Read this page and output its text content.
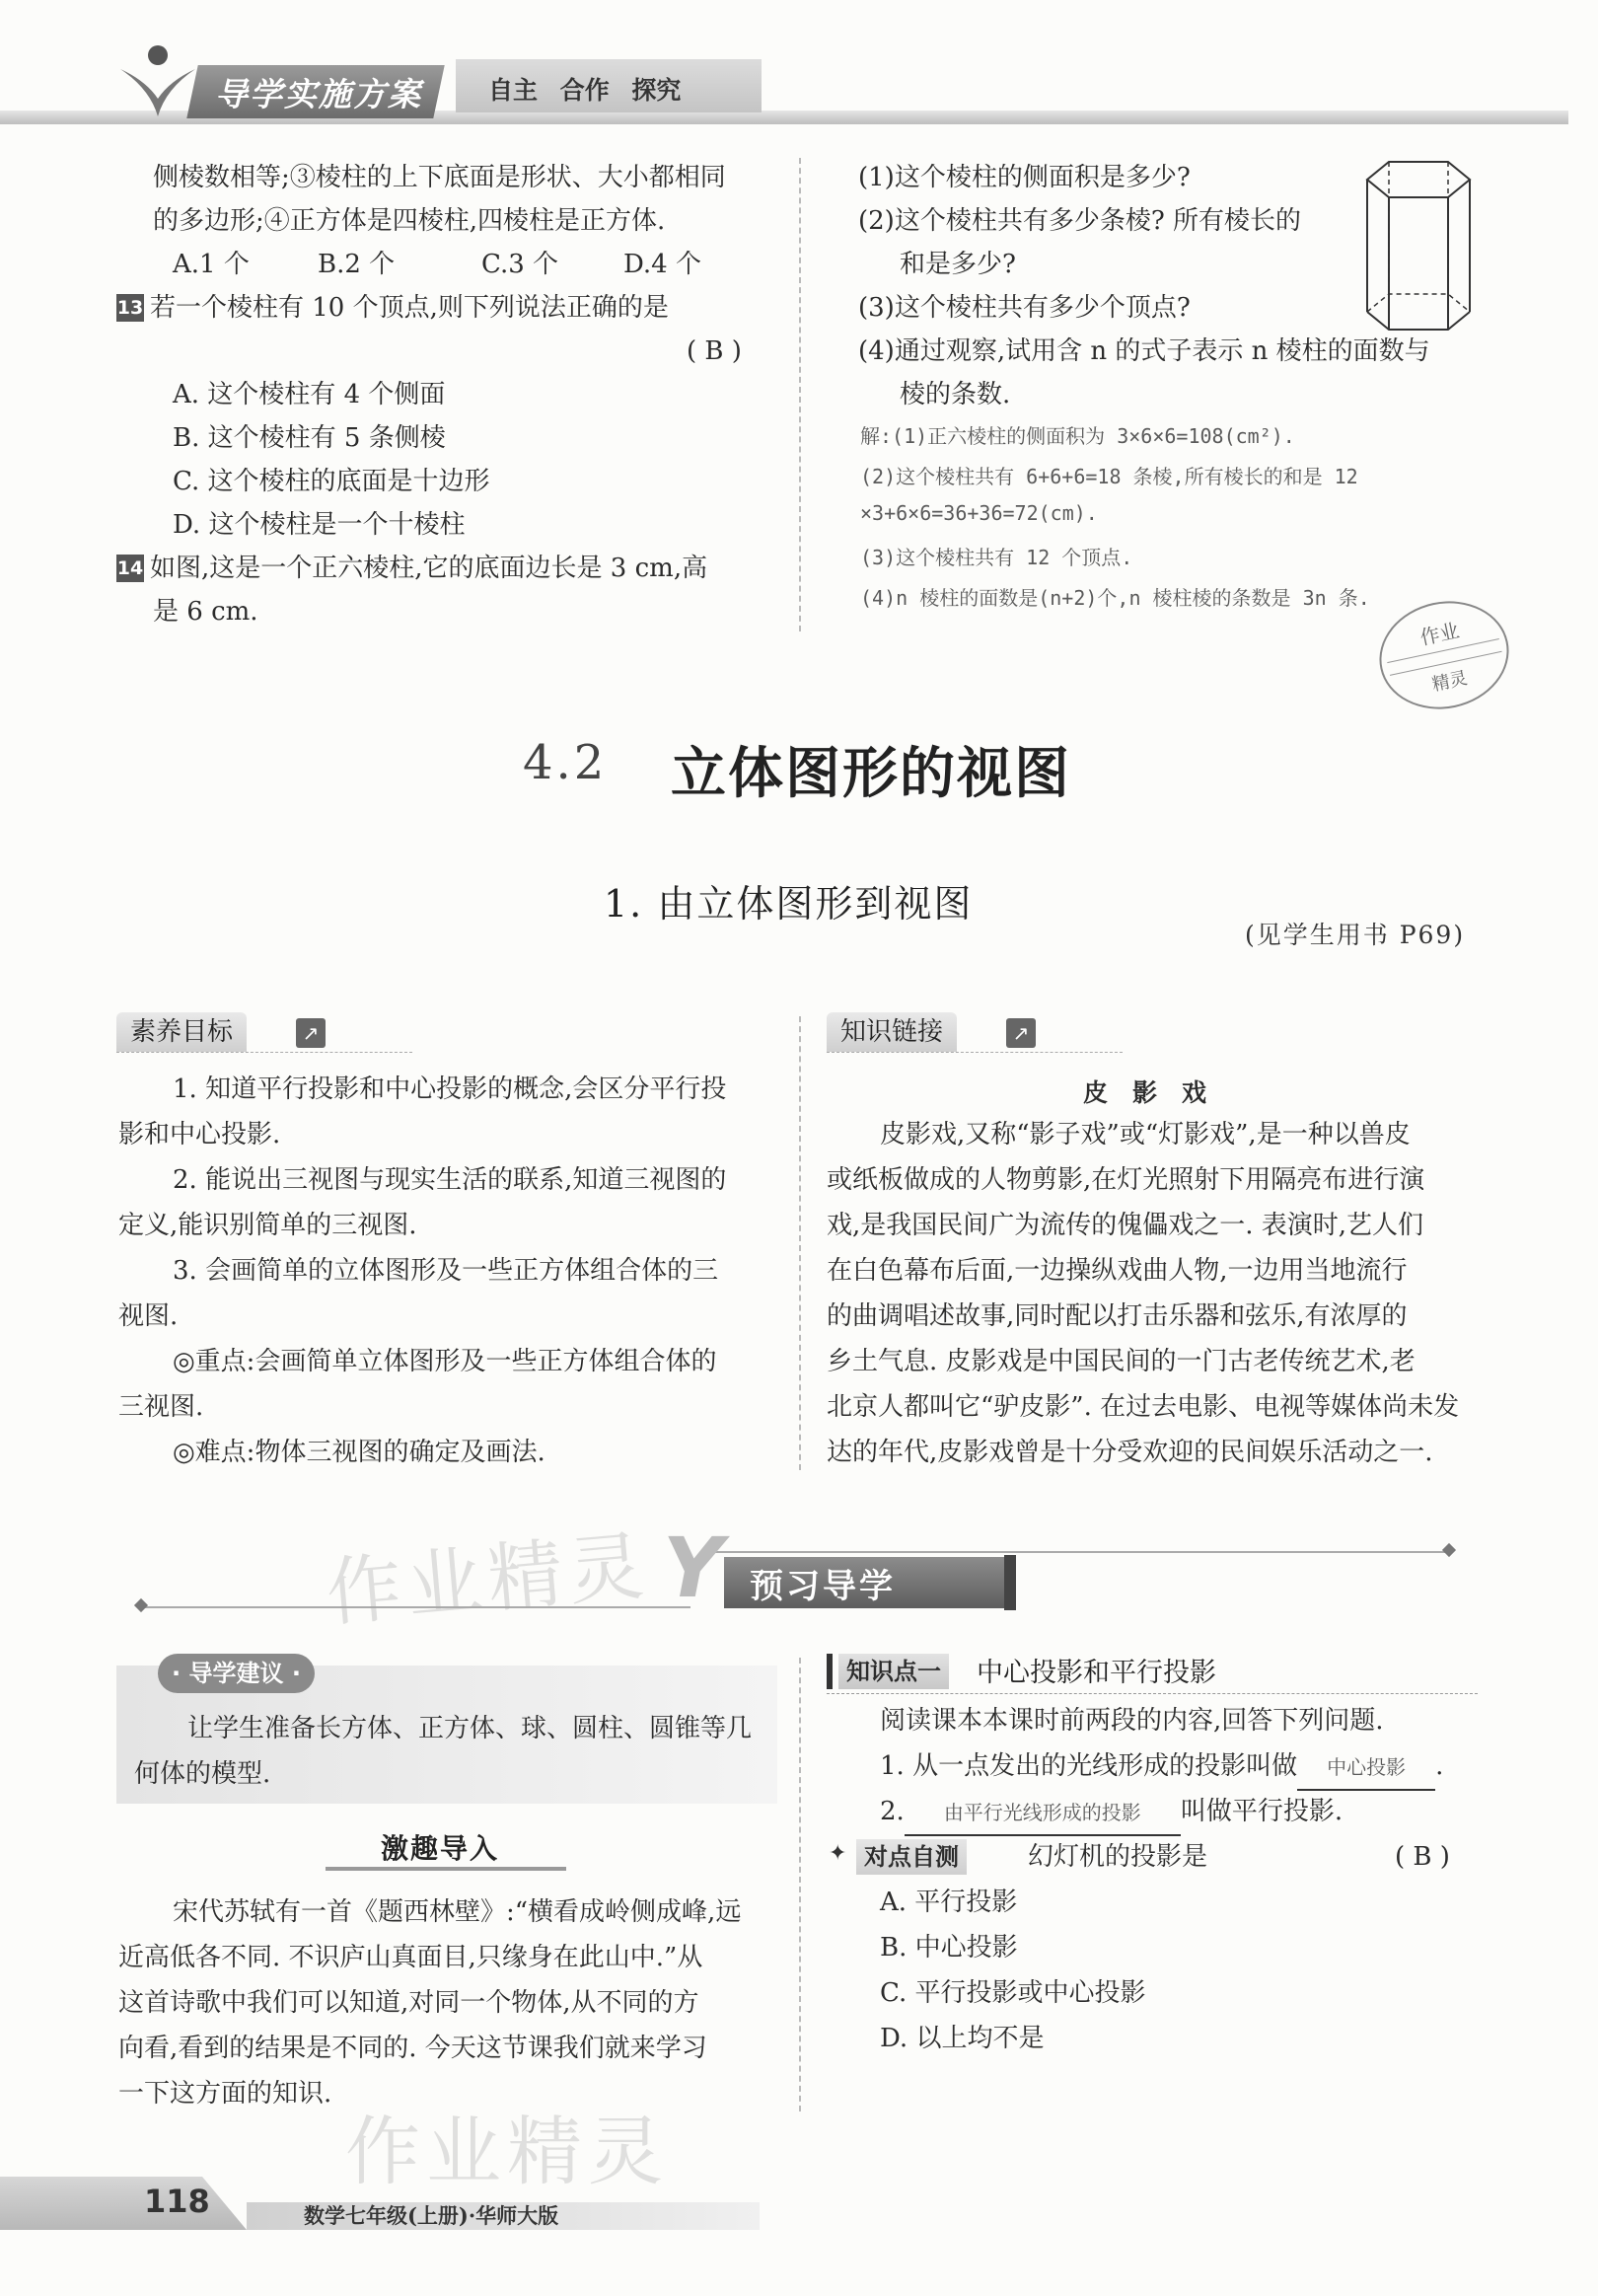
导学实施方案	自主 合作 探究
侧棱数相等;③棱柱的上下底面是形状、大小都相同
的多边形;④正方体是四棱柱,四棱柱是正方体.
A.1 个	B.2 个	C.3 个	D.4 个
13 若一个棱柱有 10 个顶点,则下列说法正确的是
( B )
A. 这个棱柱有 4 个侧面
B. 这个棱柱有 5 条侧棱
C. 这个棱柱的底面是十边形
D. 这个棱柱是一个十棱柱
14 如图,这是一个正六棱柱,它的底面边长是 3 cm,高
是 6 cm.
(1)这个棱柱的侧面积是多少?
(2)这个棱柱共有多少条棱? 所有棱长的
和是多少?
(3)这个棱柱共有多少个顶点?
(4)通过观察,试用含 n 的式子表示 n 棱柱的面数与
棱的条数.
解:(1)正六棱柱的侧面积为 3×6×6=108(cm²).
(2)这个棱柱共有 6+6+6=18 条棱,所有棱长的和是 12
×3+6×6=36+36=72(cm).
(3)这个棱柱共有 12 个顶点.
(4)n 棱柱的面数是(n+2)个,n 棱柱棱的条数是 3n 条.
作业
精灵
4.2 立体图形的视图
1. 由立体图形到视图
(见学生用书 P69)
素养目标	↗
1. 知道平行投影和中心投影的概念,会区分平行投
影和中心投影.
2. 能说出三视图与现实生活的联系,知道三视图的
定义,能识别简单的三视图.
3. 会画简单的立体图形及一些正方体组合体的三
视图.
◎重点:会画简单立体图形及一些正方体组合体的
三视图.
◎难点:物体三视图的确定及画法.
知识链接	↗
皮　影　戏
皮影戏,又称“影子戏”或“灯影戏”,是一种以兽皮
或纸板做成的人物剪影,在灯光照射下用隔亮布进行演
戏,是我国民间广为流传的傀儡戏之一. 表演时,艺人们
在白色幕布后面,一边操纵戏曲人物,一边用当地流行
的曲调唱述故事,同时配以打击乐器和弦乐,有浓厚的
乡土气息. 皮影戏是中国民间的一门古老传统艺术,老
北京人都叫它“驴皮影”. 在过去电影、电视等媒体尚未发
达的年代,皮影戏曾是十分受欢迎的民间娱乐活动之一.
Y 预习导学
· 导学建议 ·
让学生准备长方体、正方体、球、圆柱、圆锥等几
何体的模型.
激趣导入
宋代苏轼有一首《题西林壁》:“横看成岭侧成峰,远
近高低各不同. 不识庐山真面目,只缘身在此山中.”从
这首诗歌中我们可以知道,对同一个物体,从不同的方
向看,看到的结果是不同的. 今天这节课我们就来学习
一下这方面的知识.
知识点一 中心投影和平行投影
阅读课本本课时前两段的内容,回答下列问题.
1. 从一点发出的光线形成的投影叫做 中心投影 .
2. 由平行光线形成的投影 叫做平行投影.
✦ 对点自测	幻灯机的投影是	( B )
A. 平行投影
B. 中心投影
C. 平行投影或中心投影
D. 以上均不是
作业精灵
作业精灵
118	数学七年级(上册)·华师大版
